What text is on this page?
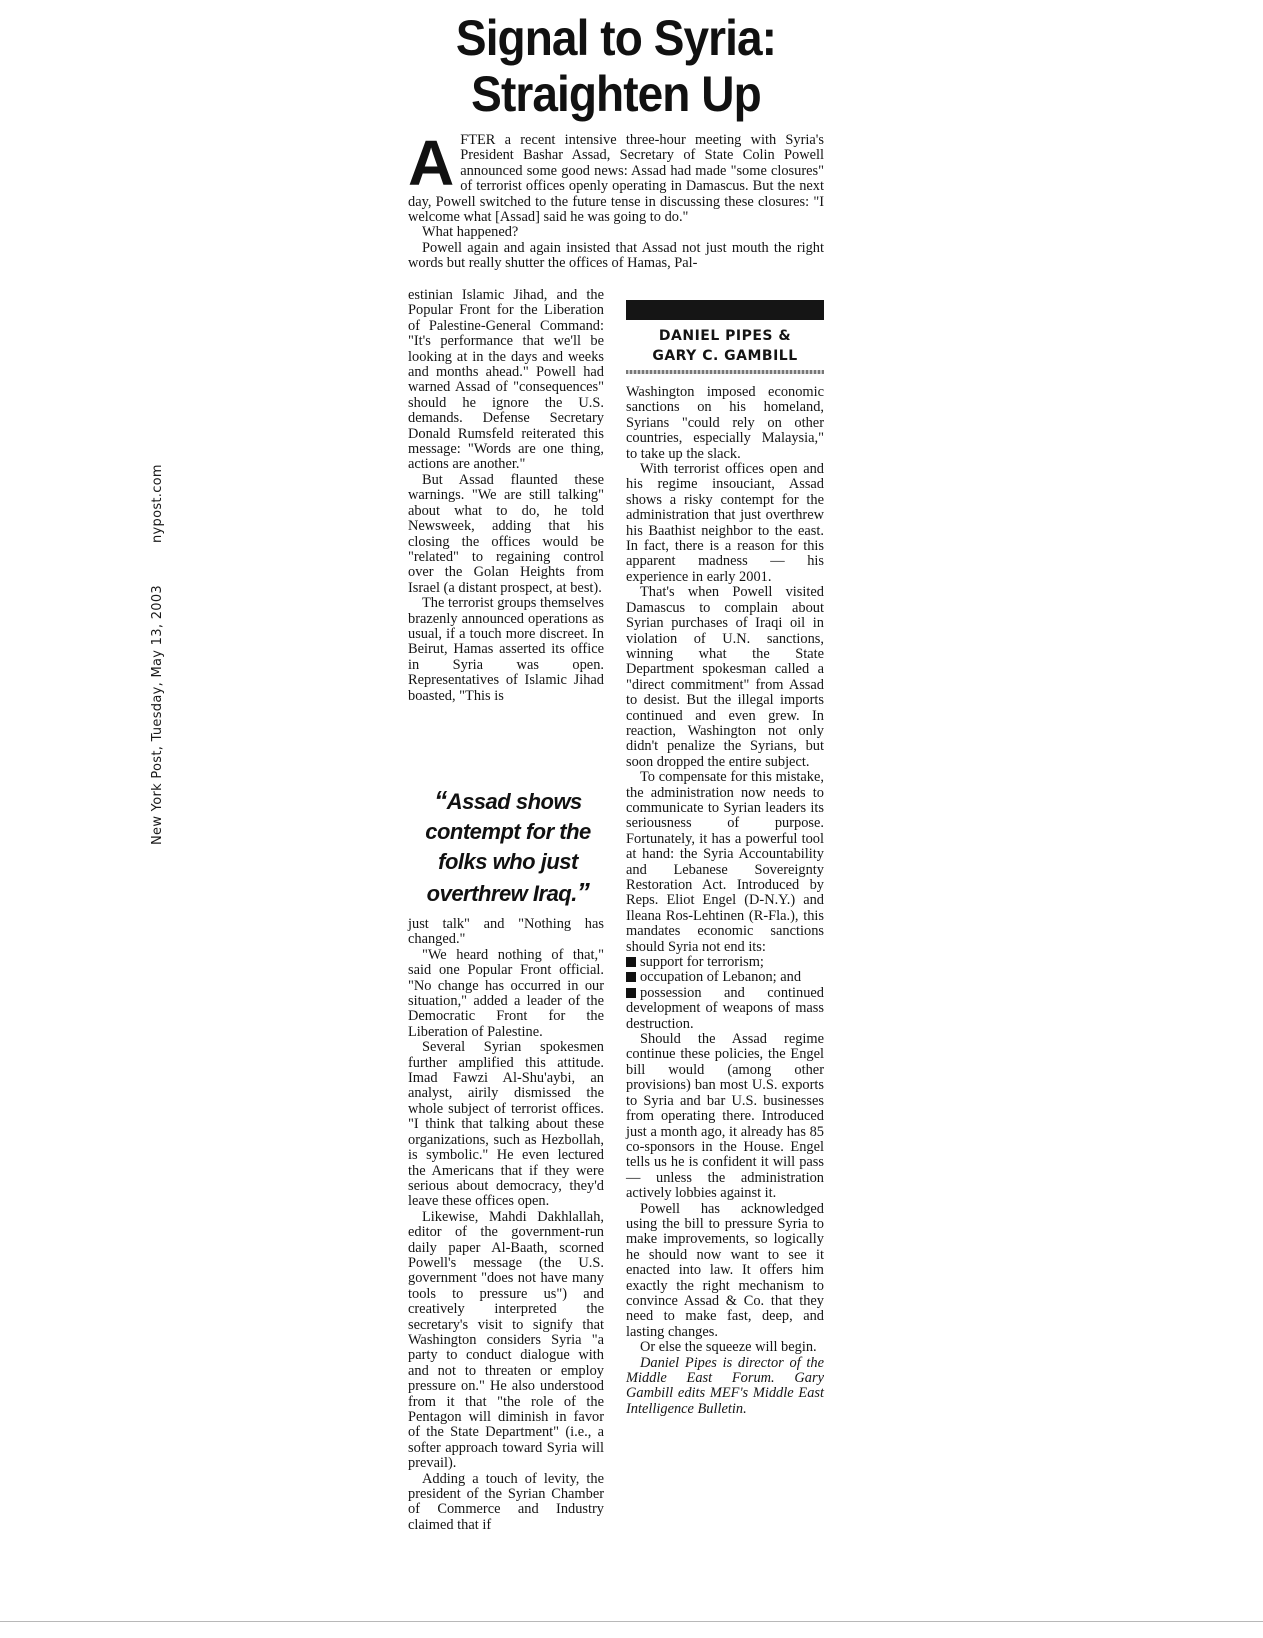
New York Post, Tuesday, May 13, 2003nypost.com
Signal to Syria:
Straighten Up
A FTER a recent intensive three-hour meeting with Syria's President Bashar Assad, Secretary of State Colin Powell announced some good news: Assad had made "some closures" of terrorist offices openly operating in Damascus. But the next day, Powell switched to the future tense in discussing these closures: "I welcome what [Assad] said he was going to do."

What happened?

Powell again and again insisted that Assad not just mouth the right words but really shutter the offices of Hamas, Pal-

estinian Islamic Jihad, and the Popular Front for the Liberation of Palestine-General Command: "It's performance that we'll be looking at in the days and weeks and months ahead." Powell had warned Assad of "consequences" should he ignore the U.S. demands. Defense Secretary Donald Rumsfeld reiterated this message: "Words are one thing, actions are another."

But Assad flaunted these warnings. "We are still talking" about what to do, he told Newsweek, adding that his closing the offices would be "related" to regaining control over the Golan Heights from Israel (a distant prospect, at best).

The terrorist groups themselves brazenly announced operations as usual, if a touch more discreet. In Beirut, Hamas asserted its office in Syria was open. Representatives of Islamic Jihad boasted, "This is

“Assad shows contempt for the folks who just overthrew Iraq.”

just talk" and "Nothing has changed."

"We heard nothing of that," said one Popular Front official. "No change has occurred in our situation," added a leader of the Democratic Front for the Liberation of Palestine.

Several Syrian spokesmen further amplified this attitude. Imad Fawzi Al-Shu'aybi, an analyst, airily dismissed the whole subject of terrorist offices. "I think that talking about these organizations, such as Hezbollah, is symbolic." He even lectured the Americans that if they were serious about democracy, they'd leave these offices open.

Likewise, Mahdi Dakhlallah, editor of the government-run daily paper Al-Baath, scorned Powell's message (the U.S. government "does not have many tools to pressure us") and creatively interpreted the secretary's visit to signify that Washington considers Syria "a party to conduct dialogue with and not to threaten or employ pressure on." He also understood from it that "the role of the Pentagon will diminish in favor of the State Department" (i.e., a softer approach toward Syria will prevail).

Adding a touch of levity, the president of the Syrian Chamber of Commerce and Industry claimed that if

DANIEL PIPES &
GARY C. GAMBILL

Washington imposed economic sanctions on his homeland, Syrians "could rely on other countries, especially Malaysia," to take up the slack.

With terrorist offices open and his regime insouciant, Assad shows a risky contempt for the administration that just overthrew his Baathist neighbor to the east. In fact, there is a reason for this apparent madness — his experience in early 2001.

That's when Powell visited Damascus to complain about Syrian purchases of Iraqi oil in violation of U.N. sanctions, winning what the State Department spokesman called a "direct commitment" from Assad to desist. But the illegal imports continued and even grew. In reaction, Washington not only didn't penalize the Syrians, but soon dropped the entire subject.

To compensate for this mistake, the administration now needs to communicate to Syrian leaders its seriousness of purpose. Fortunately, it has a powerful tool at hand: the Syria Accountability and Lebanese Sovereignty Restoration Act. Introduced by Reps. Eliot Engel (D-N.Y.) and Ileana Ros-Lehtinen (R-Fla.), this mandates economic sanctions should Syria not end its:

support for terrorism;

occupation of Lebanon; and

possession and continued development of weapons of mass destruction.

Should the Assad regime continue these policies, the Engel bill would (among other provisions) ban most U.S. exports to Syria and bar U.S. businesses from operating there. Introduced just a month ago, it already has 85 co-sponsors in the House. Engel tells us he is confident it will pass — unless the administration actively lobbies against it.

Powell has acknowledged using the bill to pressure Syria to make improvements, so logically he should now want to see it enacted into law. It offers him exactly the right mechanism to convince Assad & Co. that they need to make fast, deep, and lasting changes.

Or else the squeeze will begin.

Daniel Pipes is director of the Middle East Forum. Gary Gambill edits MEF's Middle East Intelligence Bulletin.
